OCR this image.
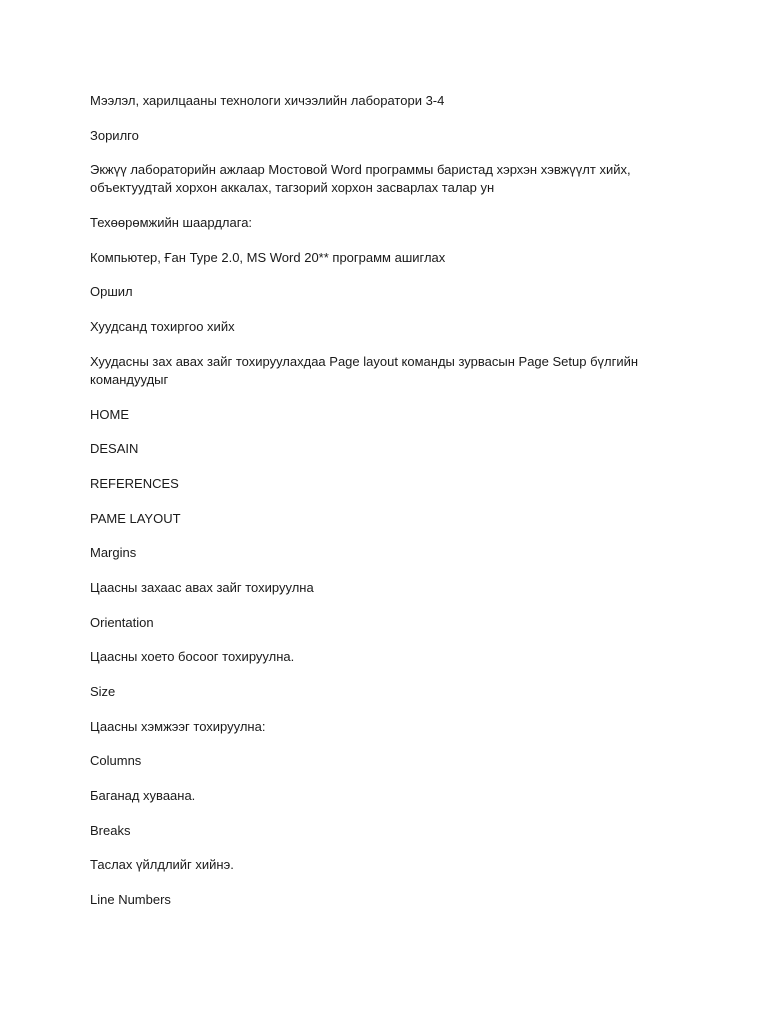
Мээлэл, харилцааны технологи хичээлийн лаборатори 3-4

Зорилго

Экжүү лабораторийн ажлаар Мостовой Word программы баристад хэрхэн хэвжүүлт хийх, объектуудтай хорхон аккалах, тагзорий хорхон засварлах талар ун

Техөөрөмжийн шаардлага:

Компьютер, Ған Type 2.0, MS Word 20** программ ашиглах

Оршил

Хуудсанд тохиргоо хийх

Хуудасны зах авах зайг тохируулахдаа Page layout команды зурвасын Page Setup бүлгийн командуудыг

HOME

DESAIN

REFERENCES

PAME LAYOUT

Margins

Цаасны захаас авах зайг тохируулна

Orientation

Цаасны хоето босоог тохируулна.

Size

Цаасны хэмжээг тохируулна:

Columns

Баганад хуваана.

Breaks

Таслах үйлдлийг хийнэ.

Line Numbers
